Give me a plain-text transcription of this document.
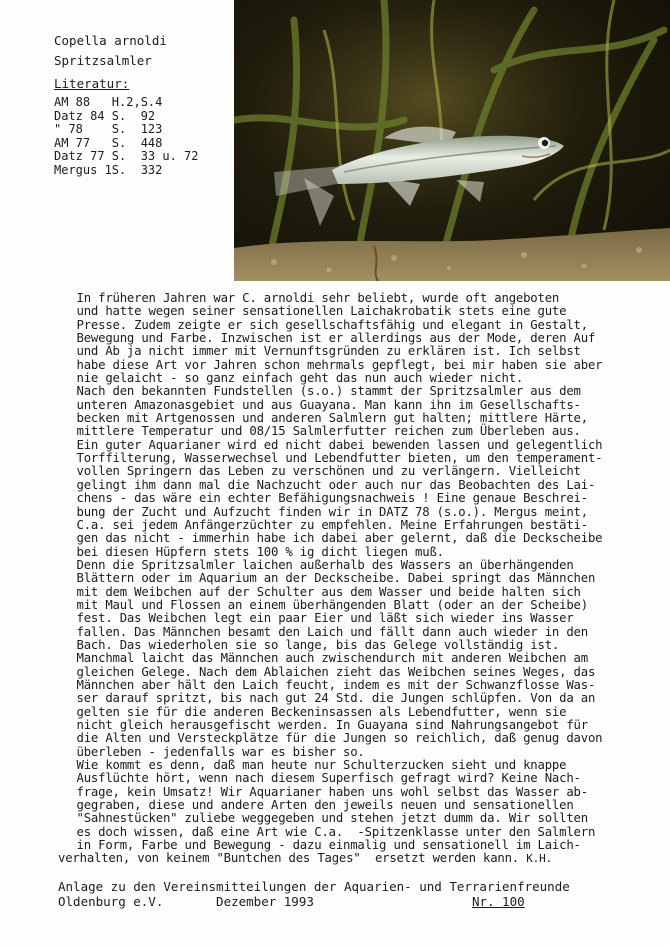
Copella arnoldi
Spritzsalmler
Literatur:
AM 88	H.2,	S.4
Datz 84	S.	92
" 78	S.	123
AM 77	S.	448
Datz 77	S.	33 u. 72
Mergus 1	S.	332

In früheren Jahren war C. arnoldi sehr beliebt, wurde oft angeboten
und hatte wegen seiner sensationellen Laichakrobatik stets eine gute
Presse. Zudem zeigte er sich gesellschaftsfähig und elegant in Gestalt,
Bewegung und Farbe. Inzwischen ist er allerdings aus der Mode, deren Auf
und Ab ja nicht immer mit Vernunftsgründen zu erklären ist. Ich selbst
habe diese Art vor Jahren schon mehrmals gepflegt, bei mir haben sie aber
nie gelaicht - so ganz einfach geht das nun auch wieder nicht.

Nach den bekannten Fundstellen (s.o.) stammt der Spritzsalmler aus dem
unteren Amazonasgebiet und aus Guayana. Man kann ihn im Gesellschafts-
becken mit Artgenossen und anderen Salmlern gut halten; mittlere Härte,
mittlere Temperatur und 08/15 Salmlerfutter reichen zum Überleben aus.
Ein guter Aquarianer wird ed nicht dabei bewenden lassen und gelegentlich
Torffilterung, Wasserwechsel und Lebendfutter bieten, um den temperament-
vollen Springern das Leben zu verschönen und zu verlängern. Vielleicht
gelingt ihm dann mal die Nachzucht oder auch nur das Beobachten des Lai-
chens - das wäre ein echter Befähigungsnachweis ! Eine genaue Beschrei-
bung der Zucht und Aufzucht finden wir in DATZ 78 (s.o.). Mergus meint,
C.a. sei jedem Anfängerzüchter zu empfehlen. Meine Erfahrungen bestäti-
gen das nicht - immerhin habe ich dabei aber gelernt, daß die Deckscheibe
bei diesen Hüpfern stets 100 % ig dicht liegen muß.

Denn die Spritzsalmler laichen außerhalb des Wassers an überhängenden
Blättern oder im Aquarium an der Deckscheibe. Dabei springt das Männchen
mit dem Weibchen auf der Schulter aus dem Wasser und beide halten sich
mit Maul und Flossen an einem überhängenden Blatt (oder an der Scheibe)
fest. Das Weibchen legt ein paar Eier und läßt sich wieder ins Wasser
fallen. Das Männchen besamt den Laich und fällt dann auch wieder in den
Bach. Das wiederholen sie so lange, bis das Gelege vollständig ist.
Manchmal laicht das Männchen auch zwischendurch mit anderen Weibchen am
gleichen Gelege. Nach dem Ablaichen zieht das Weibchen seines Weges, das
Männchen aber hält den Laich feucht, indem es mit der Schwanzflosse Was-
ser darauf spritzt, bis nach gut 24 Std. die Jungen schlüpfen. Von da an
gelten sie für die anderen Beckeninsassen als Lebendfutter, wenn sie
nicht gleich herausgefischt werden. In Guayana sind Nahrungsangebot für
die Alten und Versteckplätze für die Jungen so reichlich, daß genug davon
überleben - jedenfalls war es bisher so.

Wie kommt es denn, daß man heute nur Schulterzucken sieht und knappe
Ausflüchte hört, wenn nach diesem Superfisch gefragt wird? Keine Nach-
frage, kein Umsatz! Wir Aquarianer haben uns wohl selbst das Wasser ab-
gegraben, diese und andere Arten den jeweils neuen und sensationellen
"Sahnestücken" zuliebe weggegeben und stehen jetzt dumm da. Wir sollten
es doch wissen, daß eine Art wie C.a.  -Spitzenklasse unter den Salmlern
in Form, Farbe und Bewegung - dazu einmalig und sensationell im Laich-
verhalten, von keinem "Buntchen des Tages"  ersetzt werden kann. K.H.

Anlage zu den Vereinsmitteilungen der Aquarien- und Terrarienfreunde
Oldenburg e.V.	Dezember 1993	Nr. 100
